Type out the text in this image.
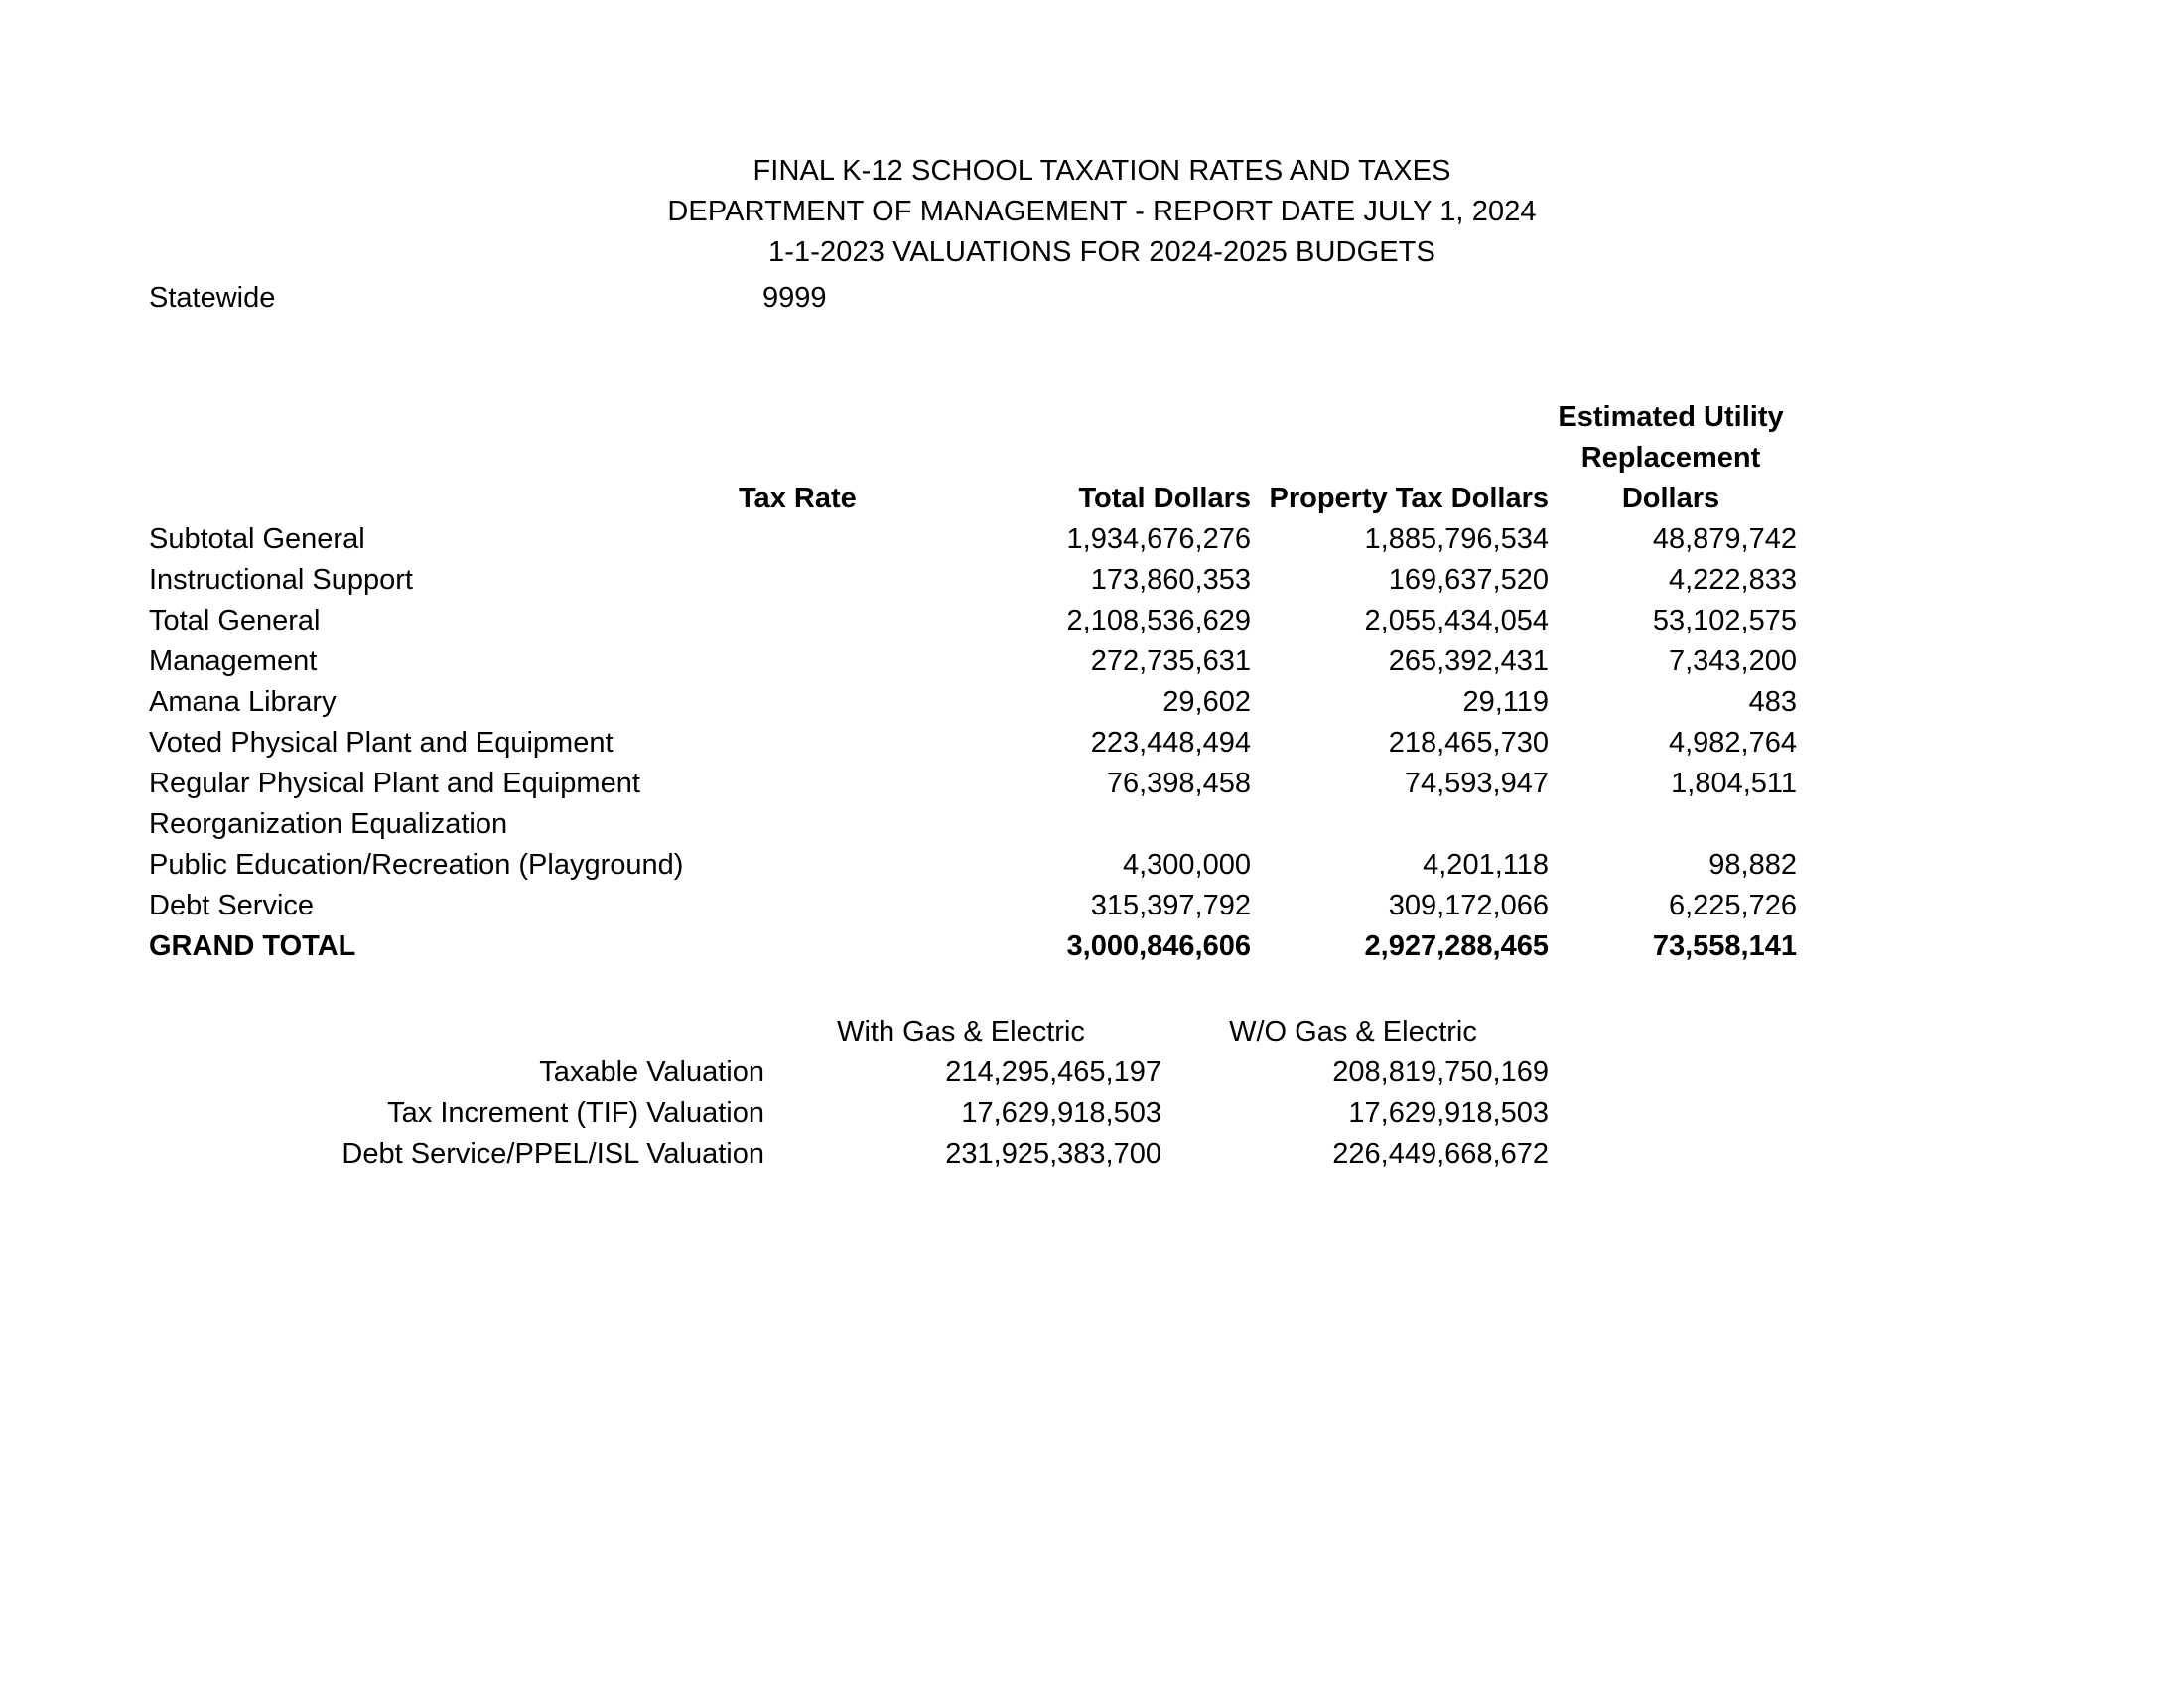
FINAL K-12 SCHOOL TAXATION RATES AND TAXES
DEPARTMENT OF MANAGEMENT - REPORT DATE JULY 1, 2024
1-1-2023 VALUATIONS FOR 2024-2025 BUDGETS
Statewide	9999
	Tax Rate	Total Dollars	Property Tax Dollars	Estimated Utility
Replacement
Dollars

Subtotal General		1,934,676,276	1,885,796,534	48,879,742
Instructional Support		173,860,353	169,637,520	4,222,833
Total General		2,108,536,629	2,055,434,054	53,102,575
Management		272,735,631	265,392,431	7,343,200
Amana Library		29,602	29,119	483
Voted Physical Plant and Equipment		223,448,494	218,465,730	4,982,764
Regular Physical Plant and Equipment		76,398,458	74,593,947	1,804,511
Reorganization Equalization				
Public Education/Recreation (Playground)		4,300,000	4,201,118	98,882
Debt Service		315,397,792	309,172,066	6,225,726
GRAND TOTAL		3,000,846,606	2,927,288,465	73,558,141
	With Gas & Electric	W/O Gas & Electric
Taxable Valuation	214,295,465,197	208,819,750,169
Tax Increment (TIF) Valuation	17,629,918,503	17,629,918,503
Debt Service/PPEL/ISL Valuation	231,925,383,700	226,449,668,672
